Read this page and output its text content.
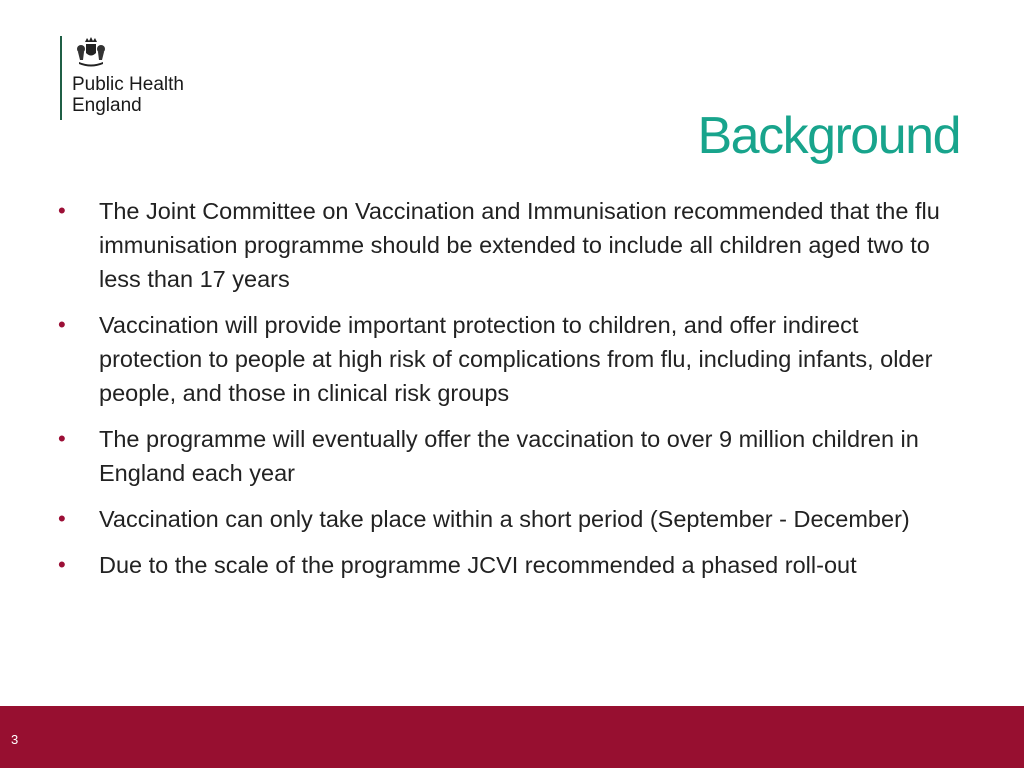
Public Health England
Background
• The Joint Committee on Vaccination and Immunisation recommended that the flu immunisation programme should be extended to include all children aged two to less than 17 years
• Vaccination will provide important protection to children, and offer indirect protection to people at high risk of complications from flu, including infants, older people, and those in clinical risk groups
• The programme will eventually offer the vaccination to over 9 million children in England each year
• Vaccination can only take place within a short period (September - December)
• Due to the scale of the programme JCVI recommended a phased roll-out
3
